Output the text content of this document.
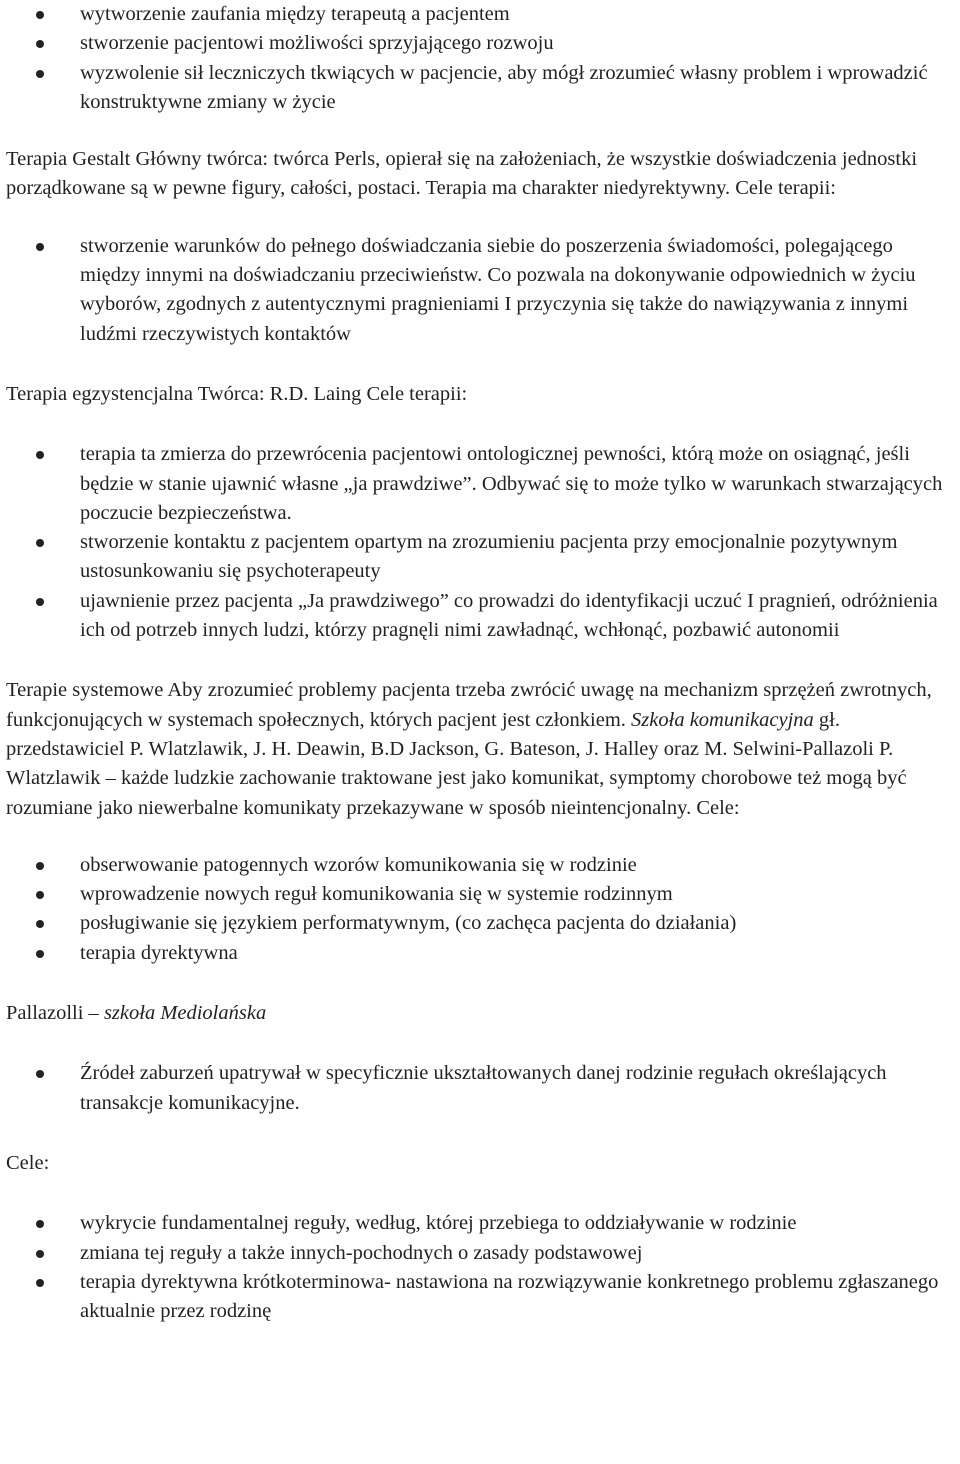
wytworzenie zaufania między terapeutą a pacjentem
stworzenie pacjentowi możliwości sprzyjającego rozwoju
wyzwolenie sił leczniczych tkwiących w pacjencie, aby mógł zrozumieć własny problem i wprowadzić konstruktywne zmiany w życie

Terapia Gestalt Główny twórca: twórca Perls, opierał się na założeniach, że wszystkie doświadczenia jednostki porządkowane są w pewne figury, całości, postaci. Terapia ma charakter niedyrektywny. Cele terapii:

stworzenie warunków do pełnego doświadczania siebie do poszerzenia świadomości, polegającego między innymi na doświadczaniu przeciwieństw. Co pozwala na dokonywanie odpowiednich w życiu wyborów, zgodnych z autentycznymi pragnieniami I przyczynia się także do nawiązywania z innymi ludźmi rzeczywistych kontaktów

Terapia egzystencjalna Twórca: R.D. Laing Cele terapii:

terapia ta zmierza do przewrócenia pacjentowi ontologicznej pewności, którą może on osiągnąć, jeśli będzie w stanie ujawnić własne „ja prawdziwe”. Odbywać się to może tylko w warunkach stwarzających poczucie bezpieczeństwa.
stworzenie kontaktu z pacjentem opartym na zrozumieniu pacjenta przy emocjonalnie pozytywnym ustosunkowaniu się psychoterapeuty
ujawnienie przez pacjenta „Ja prawdziwego” co prowadzi do identyfikacji uczuć I pragnień, odróżnienia ich od potrzeb innych ludzi, którzy pragnęli nimi zawładnąć, wchłonąć, pozbawić autonomii

Terapie systemowe Aby zrozumieć problemy pacjenta trzeba zwrócić uwagę na mechanizm sprzężeń zwrotnych, funkcjonujących w systemach społecznych, których pacjent jest członkiem. Szkoła komunikacyjna gł. przedstawiciel P. Wlatzlawik, J. H. Deawin, B.D Jackson, G. Bateson, J. Halley oraz M. Selwini-Pallazoli P. Wlatzlawik – każde ludzkie zachowanie traktowane jest jako komunikat, symptomy chorobowe też mogą być rozumiane jako niewerbalne komunikaty przekazywane w sposób nieintencjonalny. Cele:

obserwowanie patogennych wzorów komunikowania się w rodzinie
wprowadzenie nowych reguł komunikowania się w systemie rodzinnym
posługiwanie się językiem performatywnym, (co zachęca pacjenta do działania)
terapia dyrektywna

Pallazolli – szkoła Mediolańska

Źródeł zaburzeń upatrywał w specyficznie ukształtowanych danej rodzinie regułach określających transakcje komunikacyjne.

Cele:

wykrycie fundamentalnej reguły, według, której przebiega to oddziaływanie w rodzinie
zmiana tej reguły a także innych-pochodnych o zasady podstawowej
terapia dyrektywna krótkoterminowa- nastawiona na rozwiązywanie konkretnego problemu zgłaszanego aktualnie przez rodzinę
